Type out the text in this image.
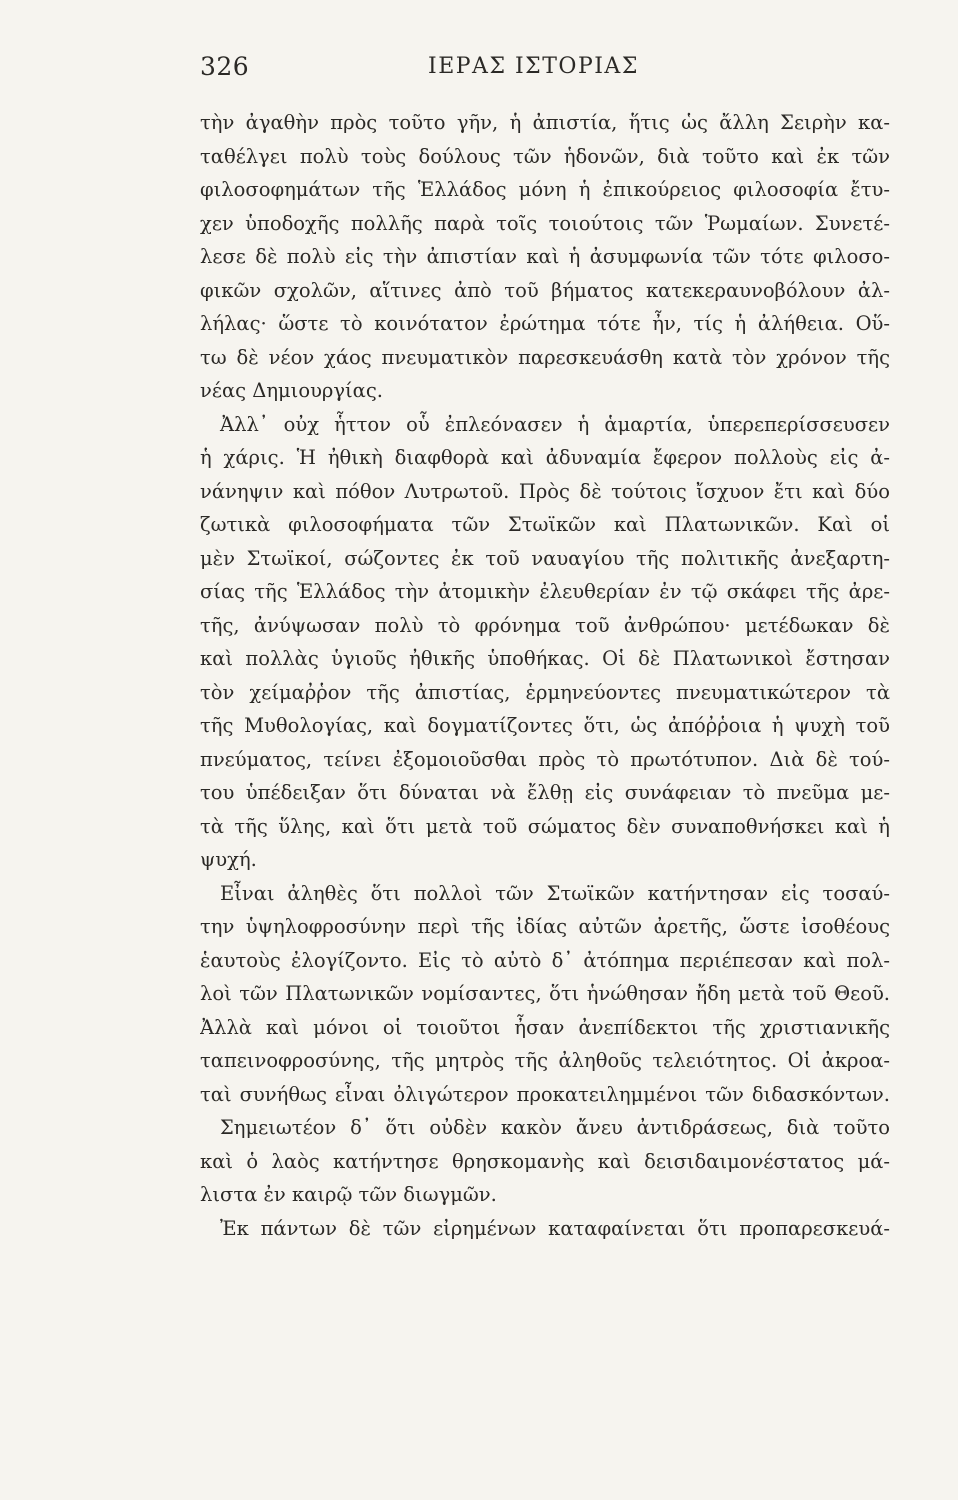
326	ΙΕΡΑΣ ΙΣΤΟΡΙΑΣ
τὴν ἀγαθὴν πρὸς τοῦτο γῆν, ἡ ἀπιστία, ἥτις ὡς ἄλλη Σειρὴν κα-
ταθέλγει πολὺ τοὺς δούλους τῶν ἡδονῶν, διὰ τοῦτο καὶ ἐκ τῶν
φιλοσοφημάτων τῆς Ἑλλάδος μόνη ἡ ἐπικούρειος φιλοσοφία ἔτυ-
χεν ὑποδοχῆς πολλῆς παρὰ τοῖς τοιούτοις τῶν Ῥωμαίων. Συνετέ-
λεσε δὲ πολὺ εἰς τὴν ἀπιστίαν καὶ ἡ ἀσυμφωνία τῶν τότε φιλοσο-
φικῶν σχολῶν, αἵτινες ἀπὸ τοῦ βήματος κατεκεραυνοβόλουν ἀλ-
λήλας· ὥστε τὸ κοινότατον ἐρώτημα τότε ἦν, τίς ἡ ἀλήθεια. Οὕ-
τω δὲ νέον χάος πνευματικὸν παρεσκευάσθη κατὰ τὸν χρόνον τῆς
νέας Δημιουργίας.
Ἀλλ᾽ οὐχ ἧττον οὗ ἐπλεόνασεν ἡ ἁμαρτία, ὑπερεπερίσσευσεν
ἡ χάρις. Ἡ ἠθικὴ διαφθορὰ καὶ ἀδυναμία ἔφερον πολλοὺς εἰς ἀ-
νάνηψιν καὶ πόθον Λυτρωτοῦ. Πρὸς δὲ τούτοις ἴσχυον ἔτι καὶ δύο
ζωτικὰ φιλοσοφήματα τῶν Στωϊκῶν καὶ Πλατωνικῶν. Καὶ οἱ
μὲν Στωϊκοί, σώζοντες ἐκ τοῦ ναυαγίου τῆς πολιτικῆς ἀνεξαρτη-
σίας τῆς Ἑλλάδος τὴν ἀτομικὴν ἐλευθερίαν ἐν τῷ σκάφει τῆς ἀρε-
τῆς, ἀνύψωσαν πολὺ τὸ φρόνημα τοῦ ἀνθρώπου· μετέδωκαν δὲ
καὶ πολλὰς ὑγιοῦς ἠθικῆς ὑποθήκας. Οἱ δὲ Πλατωνικοὶ ἔστησαν
τὸν χείμαῤῥον τῆς ἀπιστίας, ἑρμηνεύοντες πνευματικώτερον τὰ
τῆς Μυθολογίας, καὶ δογματίζοντες ὅτι, ὡς ἀπόῤῥοια ἡ ψυχὴ τοῦ
πνεύματος, τείνει ἐξομοιοῦσθαι πρὸς τὸ πρωτότυπον. Διὰ δὲ τού-
του ὑπέδειξαν ὅτι δύναται νὰ ἔλθῃ εἰς συνάφειαν τὸ πνεῦμα με-
τὰ τῆς ὕλης, καὶ ὅτι μετὰ τοῦ σώματος δὲν συναποθνήσκει καὶ ἡ
ψυχή.
Εἶναι ἀληθὲς ὅτι πολλοὶ τῶν Στωϊκῶν κατήντησαν εἰς τοσαύ-
την ὑψηλοφροσύνην περὶ τῆς ἰδίας αὐτῶν ἀρετῆς, ὥστε ἰσοθέους
ἑαυτοὺς ἐλογίζοντο. Εἰς τὸ αὐτὸ δ᾽ ἀτόπημα περιέπεσαν καὶ πολ-
λοὶ τῶν Πλατωνικῶν νομίσαντες, ὅτι ἡνώθησαν ἤδη μετὰ τοῦ Θεοῦ.
Ἀλλὰ καὶ μόνοι οἱ τοιοῦτοι ἦσαν ἀνεπίδεκτοι τῆς χριστιανικῆς
ταπεινοφροσύνης, τῆς μητρὸς τῆς ἀληθοῦς τελειότητος. Οἱ ἀκροα-
ταὶ συνήθως εἶναι ὀλιγώτερον προκατειλημμένοι τῶν διδασκόντων.
Σημειωτέον δ᾽ ὅτι οὐδὲν κακὸν ἄνευ ἀντιδράσεως, διὰ τοῦτο
καὶ ὁ λαὸς κατήντησε θρησκομανὴς καὶ δεισιδαιμονέστατος μά-
λιστα ἐν καιρῷ τῶν διωγμῶν.
Ἐκ πάντων δὲ τῶν εἰρημένων καταφαίνεται ὅτι προπαρεσκευά-
